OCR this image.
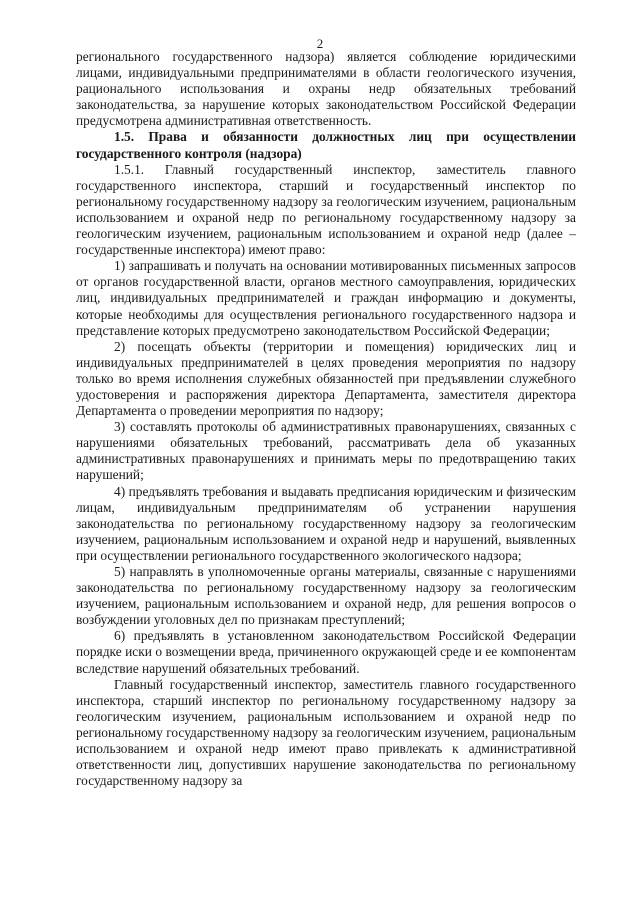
2

регионального государственного надзора) является соблюдение юридическими лицами, индивидуальными предпринимателями в области геологического изучения, рационального использования и охраны недр обязательных требований законодательства, за нарушение которых законодательством Российской Федерации предусмотрена административная ответственность.

1.5. Права и обязанности должностных лиц при осуществлении государственного контроля (надзора)

1.5.1. Главный государственный инспектор, заместитель главного государственного инспектора, старший и государственный инспектор по региональному государственному надзору за геологическим изучением, рациональным использованием и охраной недр по региональному государственному надзору за геологическим изучением, рациональным использованием и охраной недр (далее – государственные инспектора) имеют право:

1) запрашивать и получать на основании мотивированных письменных запросов от органов государственной власти, органов местного самоуправления, юридических лиц, индивидуальных предпринимателей и граждан информацию и документы, которые необходимы для осуществления регионального государственного надзора и представление которых предусмотрено законодательством Российской Федерации;

2) посещать объекты (территории и помещения) юридических лиц и индивидуальных предпринимателей в целях проведения мероприятия по надзору только во время исполнения служебных обязанностей при предъявлении служебного удостоверения и распоряжения директора Департамента, заместителя директора Департамента о проведении мероприятия по надзору;

3) составлять протоколы об административных правонарушениях, связанных с нарушениями обязательных требований, рассматривать дела об указанных административных правонарушениях и принимать меры по предотвращению таких нарушений;

4) предъявлять требования и выдавать предписания юридическим и физическим лицам, индивидуальным предпринимателям об устранении нарушения законодательства по региональному государственному надзору за геологическим изучением, рациональным использованием и охраной недр и нарушений, выявленных при осуществлении регионального государственного экологического надзора;

5) направлять в уполномоченные органы материалы, связанные с нарушениями законодательства по региональному государственному надзору за геологическим изучением, рациональным использованием и охраной недр, для решения вопросов о возбуждении уголовных дел по признакам преступлений;

6) предъявлять в установленном законодательством Российской Федерации порядке иски о возмещении вреда, причиненного окружающей среде и ее компонентам вследствие нарушений обязательных требований.

Главный государственный инспектор, заместитель главного государственного инспектора, старший инспектор по региональному государственному надзору за геологическим изучением, рациональным использованием и охраной недр по региональному государственному надзору за геологическим изучением, рациональным использованием и охраной недр имеют право привлекать к административной ответственности лиц, допустивших нарушение законодательства по региональному государственному надзору за
